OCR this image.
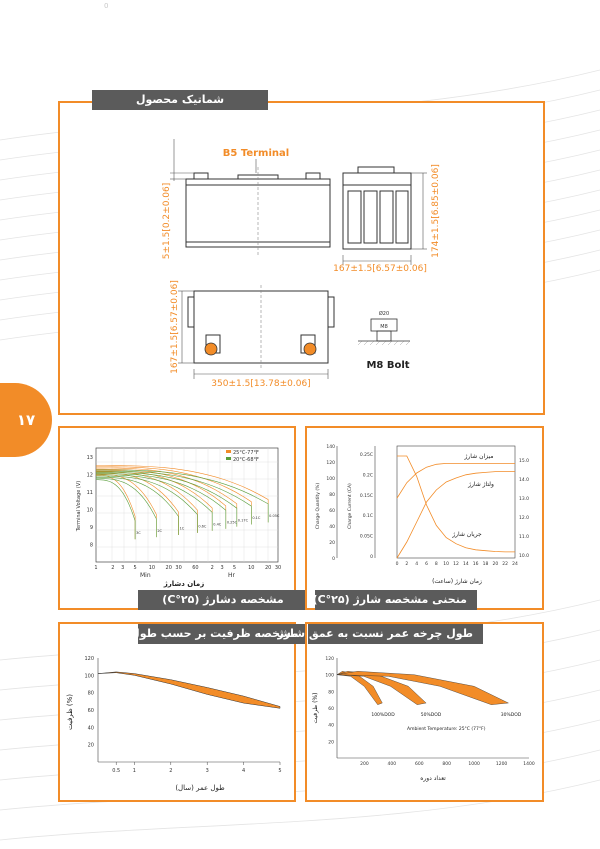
0
۱۷
شماتیک محصول
5±1.5[0.2±0.06]
B5 Terminal
174±1.5[6.85±0.06]
167±1.5[6.57±0.06]
167±1.5[6.57±0.06]
350±1.5[13.78±0.06]
Ø20
M8
M8 Bolt
مشخصه دشارژ (۲۵°C)
3C
2C
1C
0.6C
0.4C
0.25C
0.17C
0.1C
0.05C
13
12
11
10
9
8
1	2 3 5 10 20 30 60 2 3 5 10 20 30
Terminal Voltage (V)
25°C-77°F
20°C-68°F
Min	Hr
زمان دشارژ
منحنی مشخصه شارژ (۲۵°C)
140
120
100
80
60
40
20
0
0.25C
0.2C
0.15C
0.1C
0.05C
0
15.0
14.0
13.0
12.0
11.0
10.0
0 2 4 6 8 10 12 14 16 18 20 22 24
Charge Quantity (%)	Charge Current (CA)
زمان شارژ (ساعت)
میزان شارژ
ولتاژ شارژ
جریان شارژ
مشخصه ظرفیت بر حسب طول عمر
120
100
80
60
40
20
0.5	1	2	3	4	5
ظرفیت (%)
طول عمر (سال)
طول چرخه عمر نسبت به عمق شارژ
120
100
80
60
40
20
200	400	600	800	1000	1200	1400
Ambient Temperature: 25°C (77°F)
100%DOD	50%DOD	30%DOD
ظرفیت (%)
تعداد دوره
